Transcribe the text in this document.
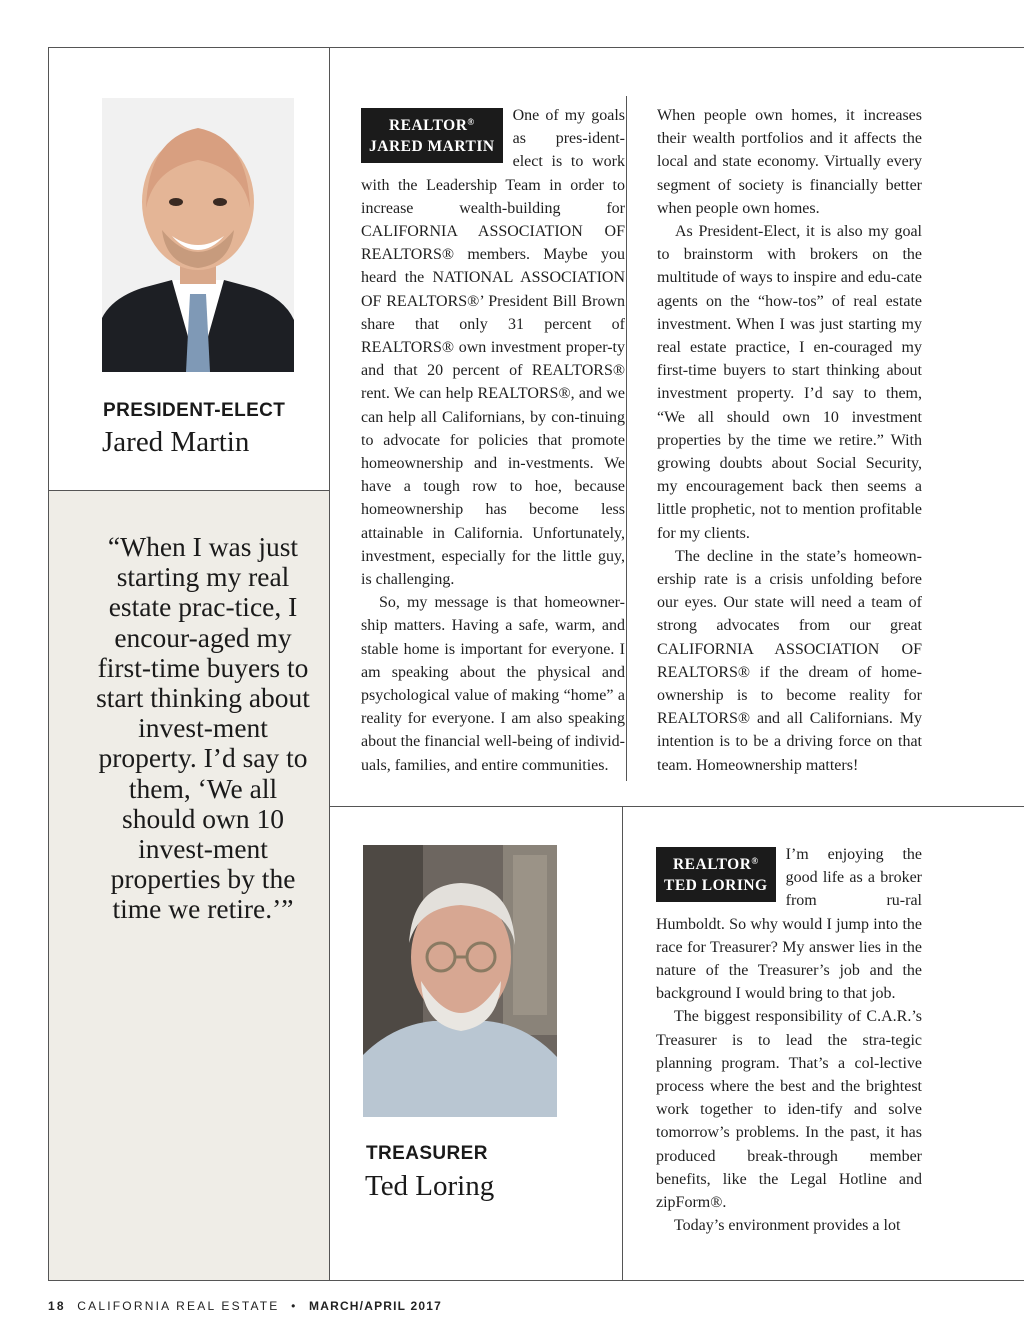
PRESIDENT-ELECT
Jared Martin
“When I was just starting my real estate prac-tice, I encour-aged my first-time buyers to start thinking about invest-ment property. I’d say to them, ‘We all should own 10 invest-ment properties by the time we retire.’”
REALTOR®
JARED MARTIN

One of my goals as pres-ident-elect is to work with the Leadership Team in order to increase wealth-building for CALIFORNIA ASSOCIATION OF REALTORS® members. Maybe you heard the NATIONAL ASSOCIATION OF REALTORS®’ President Bill Brown share that only 31 percent of REALTORS® own investment proper-ty and that 20 percent of REALTORS® rent. We can help REALTORS®, and we can help all Californians, by con-tinuing to advocate for policies that promote homeownership and in-vestments. We have a tough row to hoe, because homeownership has become less attainable in California. Unfortunately, investment, especially for the little guy, is challenging.

So, my message is that homeowner-ship matters. Having a safe, warm, and stable home is important for everyone. I am speaking about the physical and psychological value of making “home” a reality for everyone. I am also speaking about the financial well-being of individ-uals, families, and entire communities.

When people own homes, it increases their wealth portfolios and it affects the local and state economy. Virtually every segment of society is financially better when people own homes.

As President-Elect, it is also my goal to brainstorm with brokers on the multitude of ways to inspire and edu-cate agents on the “how-tos” of real estate investment. When I was just starting my real estate practice, I en-couraged my first-time buyers to start thinking about investment property. I’d say to them, “We all should own 10 investment properties by the time we retire.” With growing doubts about Social Security, my encouragement back then seems a little prophetic, not to mention profitable for my clients.

The decline in the state’s homeown-ership rate is a crisis unfolding before our eyes. Our state will need a team of strong advocates from our great CALIFORNIA ASSOCIATION OF REALTORS® if the dream of home-ownership is to become reality for REALTORS® and all Californians. My intention is to be a driving force on that team. Homeownership matters!

TREASURER
Ted Loring
REALTOR®
TED LORING

I’m enjoying the good life as a broker from ru-ral Humboldt. So why would I jump into the race for Treasurer? My answer lies in the nature of the Treasurer’s job and the background I would bring to that job.

The biggest responsibility of C.A.R.’s Treasurer is to lead the stra-tegic planning program. That’s a col-lective process where the best and the brightest work together to iden-tify and solve tomorrow’s problems. In the past, it has produced break-through member benefits, like the Legal Hotline and zipForm®.

Today’s environment provides a lot

18 CALIFORNIA REAL ESTATE • MARCH/APRIL 2017
